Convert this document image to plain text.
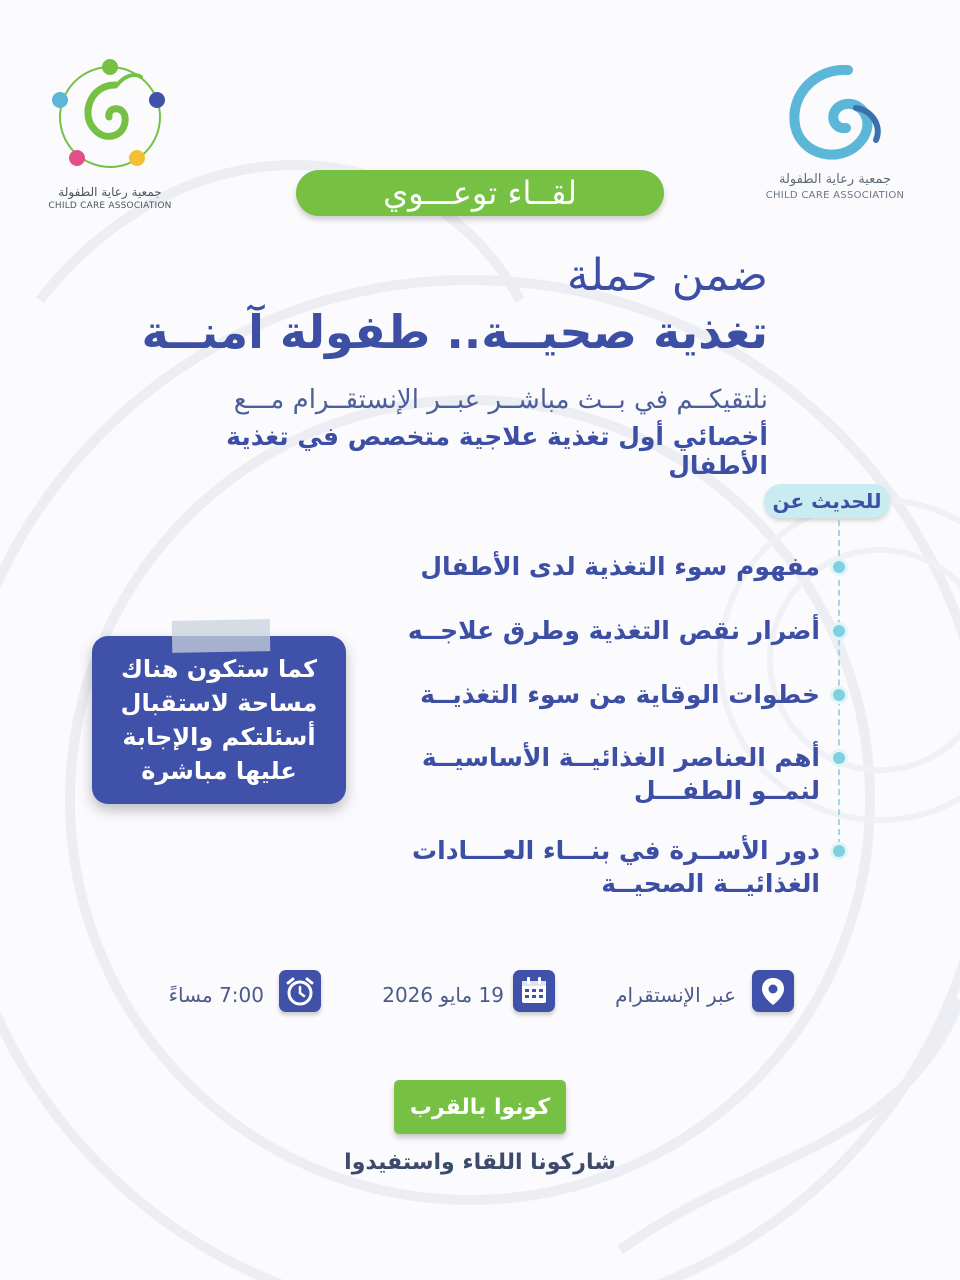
جمعية رعاية الطفولة
CHILD CARE ASSOCIATION
جمعية رعاية الطفولة
CHILD CARE ASSOCIATION	لقــاء توعـــوي
ضمن حملة
تغذية صحيــة.. طفولة آمنــة
نلتقيكــم في بــث مباشــر عبــر الإنستقــرام مـــع
أخصائي أول تغذية علاجية متخصص في تغذية الأطفال
للحديث عن
مفهوم سوء التغذية لدى الأطفال
أضرار نقص التغذية وطرق علاجــه
خطوات الوقاية من سوء التغذيــة
أهم العناصر الغذائيــة الأساسيــة لنمــو الطفـــل
دور الأســرة في بنـــاء العــــادات الغذائيــة الصحيــة
كما ستكون هناك مساحة لاستقبال أسئلتكم والإجابة عليها مباشرة
عبر الإنستقرام
19 مايو 2026
7:00 مساءً
كونوا بالقرب
شاركونا اللقاء واستفيدوا
